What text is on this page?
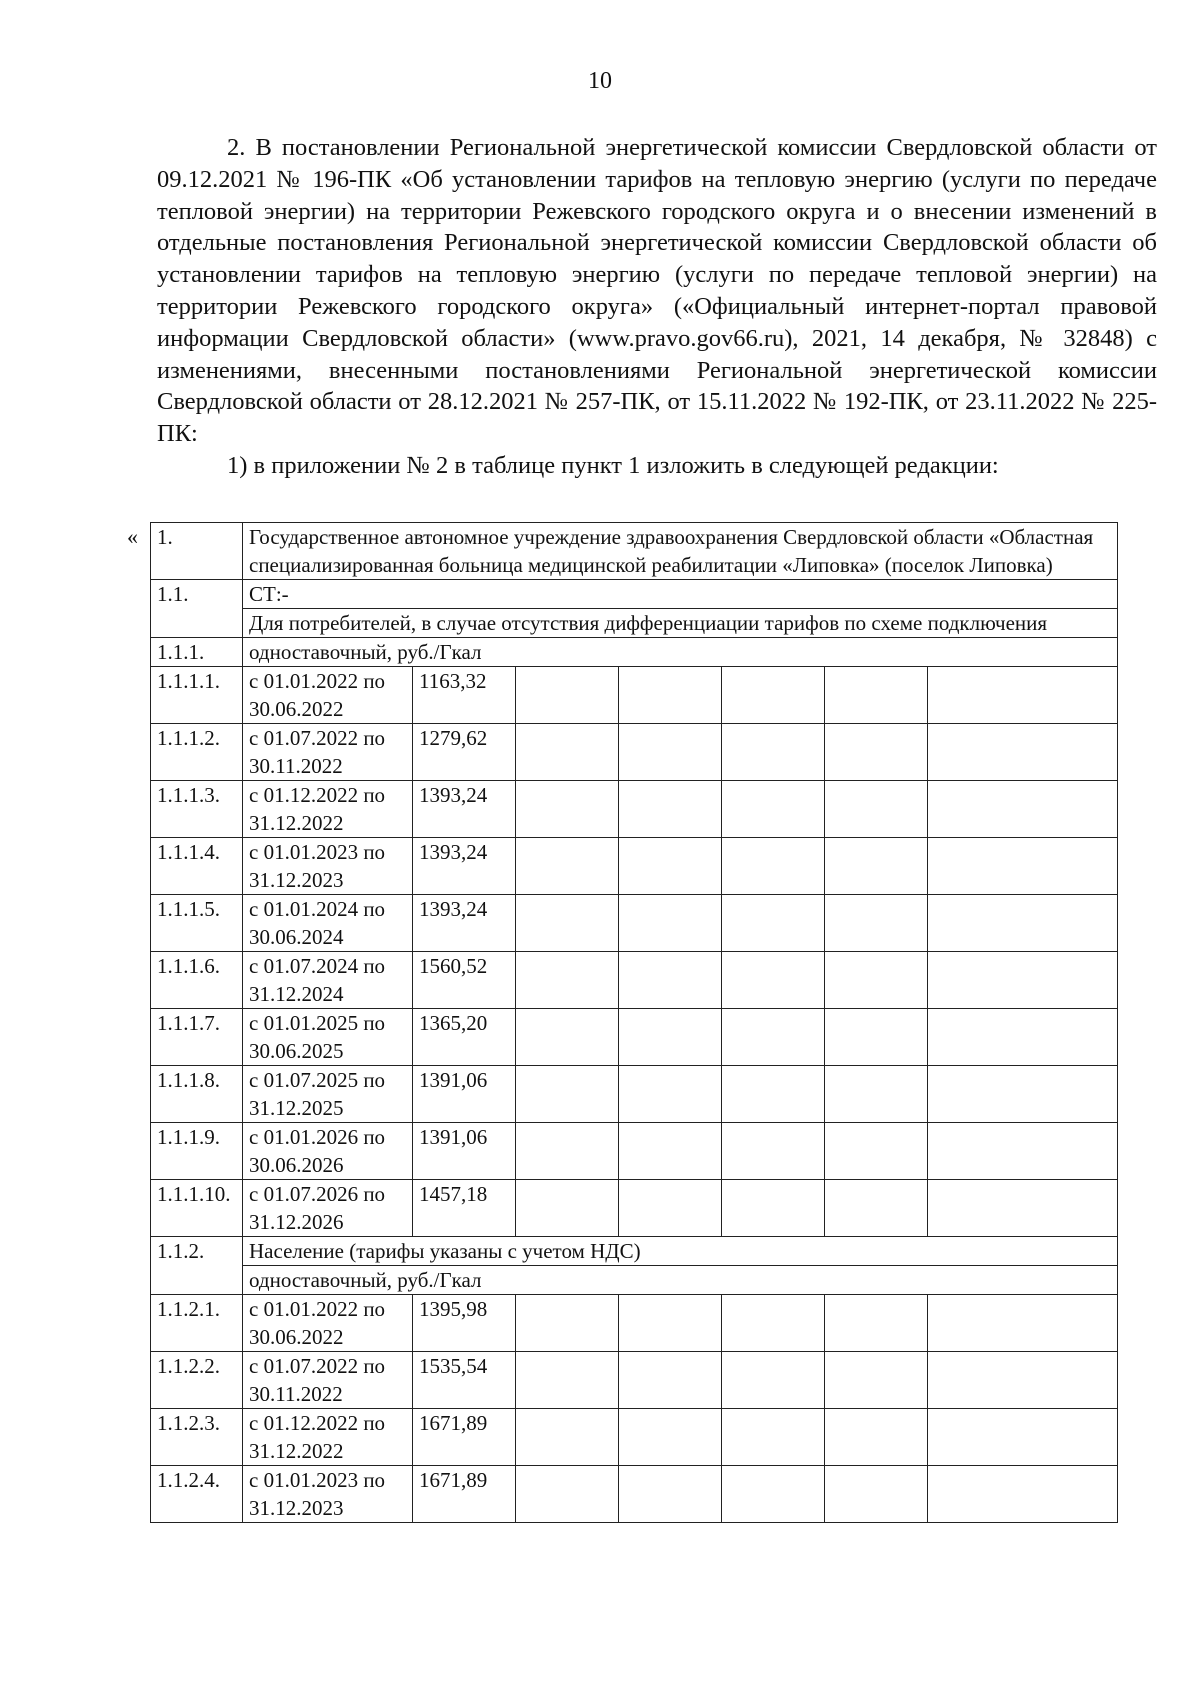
10

2. В постановлении Региональной энергетической комиссии Свердловской области от 09.12.2021 № 196-ПК «Об установлении тарифов на тепловую энергию (услуги по передаче тепловой энергии) на территории Режевского городского округа и о внесении изменений в отдельные постановления Региональной энергетической комиссии Свердловской области об установлении тарифов на тепловую энергию (услуги по передаче тепловой энергии) на территории Режевского городского округа» («Официальный интернет-портал правовой информации Свердловской области» (www.pravo.gov66.ru), 2021, 14 декабря, № 32848) с изменениями, внесенными постановлениями Региональной энергетической комиссии Свердловской области от 28.12.2021 № 257-ПК, от 15.11.2022 № 192-ПК, от 23.11.2022 № 225-ПК:

1) в приложении № 2 в таблице пункт 1 изложить в следующей редакции:

« 1.	Государственное автономное учреждение здравоохранения Свердловской области «Областная специализированная больница медицинской реабилитации «Липовка» (поселок Липовка)						
1.1.	СТ:-						
	Для потребителей, в случае отсутствия дифференциации тарифов по схеме подключения						
1.1.1.	одноставочный, руб./Гкал						
1.1.1.1.	с 01.01.2022 по 30.06.2022	1163,32					
1.1.1.2.	с 01.07.2022 по 30.11.2022	1279,62					
1.1.1.3.	с 01.12.2022 по 31.12.2022	1393,24					
1.1.1.4.	с 01.01.2023 по 31.12.2023	1393,24					
1.1.1.5.	с 01.01.2024 по 30.06.2024	1393,24					
1.1.1.6.	с 01.07.2024 по 31.12.2024	1560,52					
1.1.1.7.	с 01.01.2025 по 30.06.2025	1365,20					
1.1.1.8.	с 01.07.2025 по 31.12.2025	1391,06					
1.1.1.9.	с 01.01.2026 по 30.06.2026	1391,06					
1.1.1.10.	с 01.07.2026 по 31.12.2026	1457,18					
1.1.2.	Население (тарифы указаны с учетом НДС)						
	одноставочный, руб./Гкал						
1.1.2.1.	с 01.01.2022 по 30.06.2022	1395,98					
1.1.2.2.	с 01.07.2022 по 30.11.2022	1535,54					
1.1.2.3.	с 01.12.2022 по 31.12.2022	1671,89					
1.1.2.4.	с 01.01.2023 по 31.12.2023	1671,89					
